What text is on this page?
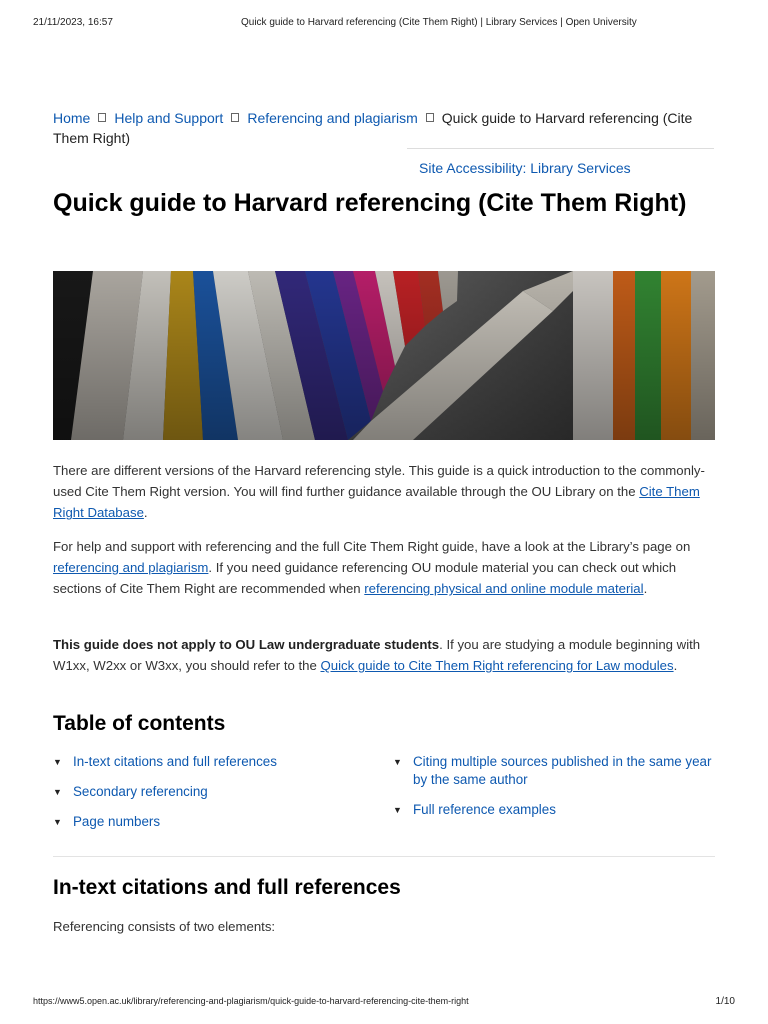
21/11/2023, 16:57	Quick guide to Harvard referencing (Cite Them Right) | Library Services | Open University
Home Help and Support Referencing and plagiarism Quick guide to Harvard referencing (Cite Them Right)
Site Accessibility: Library Services
Quick guide to Harvard referencing (Cite Them Right)

There are different versions of the Harvard referencing style. This guide is a quick introduction to the commonly-used Cite Them Right version. You will find further guidance available through the OU Library on the Cite Them Right Database.

For help and support with referencing and the full Cite Them Right guide, have a look at the Library’s page on referencing and plagiarism. If you need guidance referencing OU module material you can check out which sections of Cite Them Right are recommended when referencing physical and online module material.

This guide does not apply to OU Law undergraduate students. If you are studying a module beginning with W1xx, W2xx or W3xx, you should refer to the Quick guide to Cite Them Right referencing for Law modules.

Table of contents
▼ In-text citations and full references
▼ Secondary referencing
▼ Page numbers
▼ Citing multiple sources published in the same year by the same author
▼ Full reference examples
In-text citations and full references

Referencing consists of two elements:

https://www5.open.ac.uk/library/referencing-and-plagiarism/quick-guide-to-harvard-referencing-cite-them-right	1/10
